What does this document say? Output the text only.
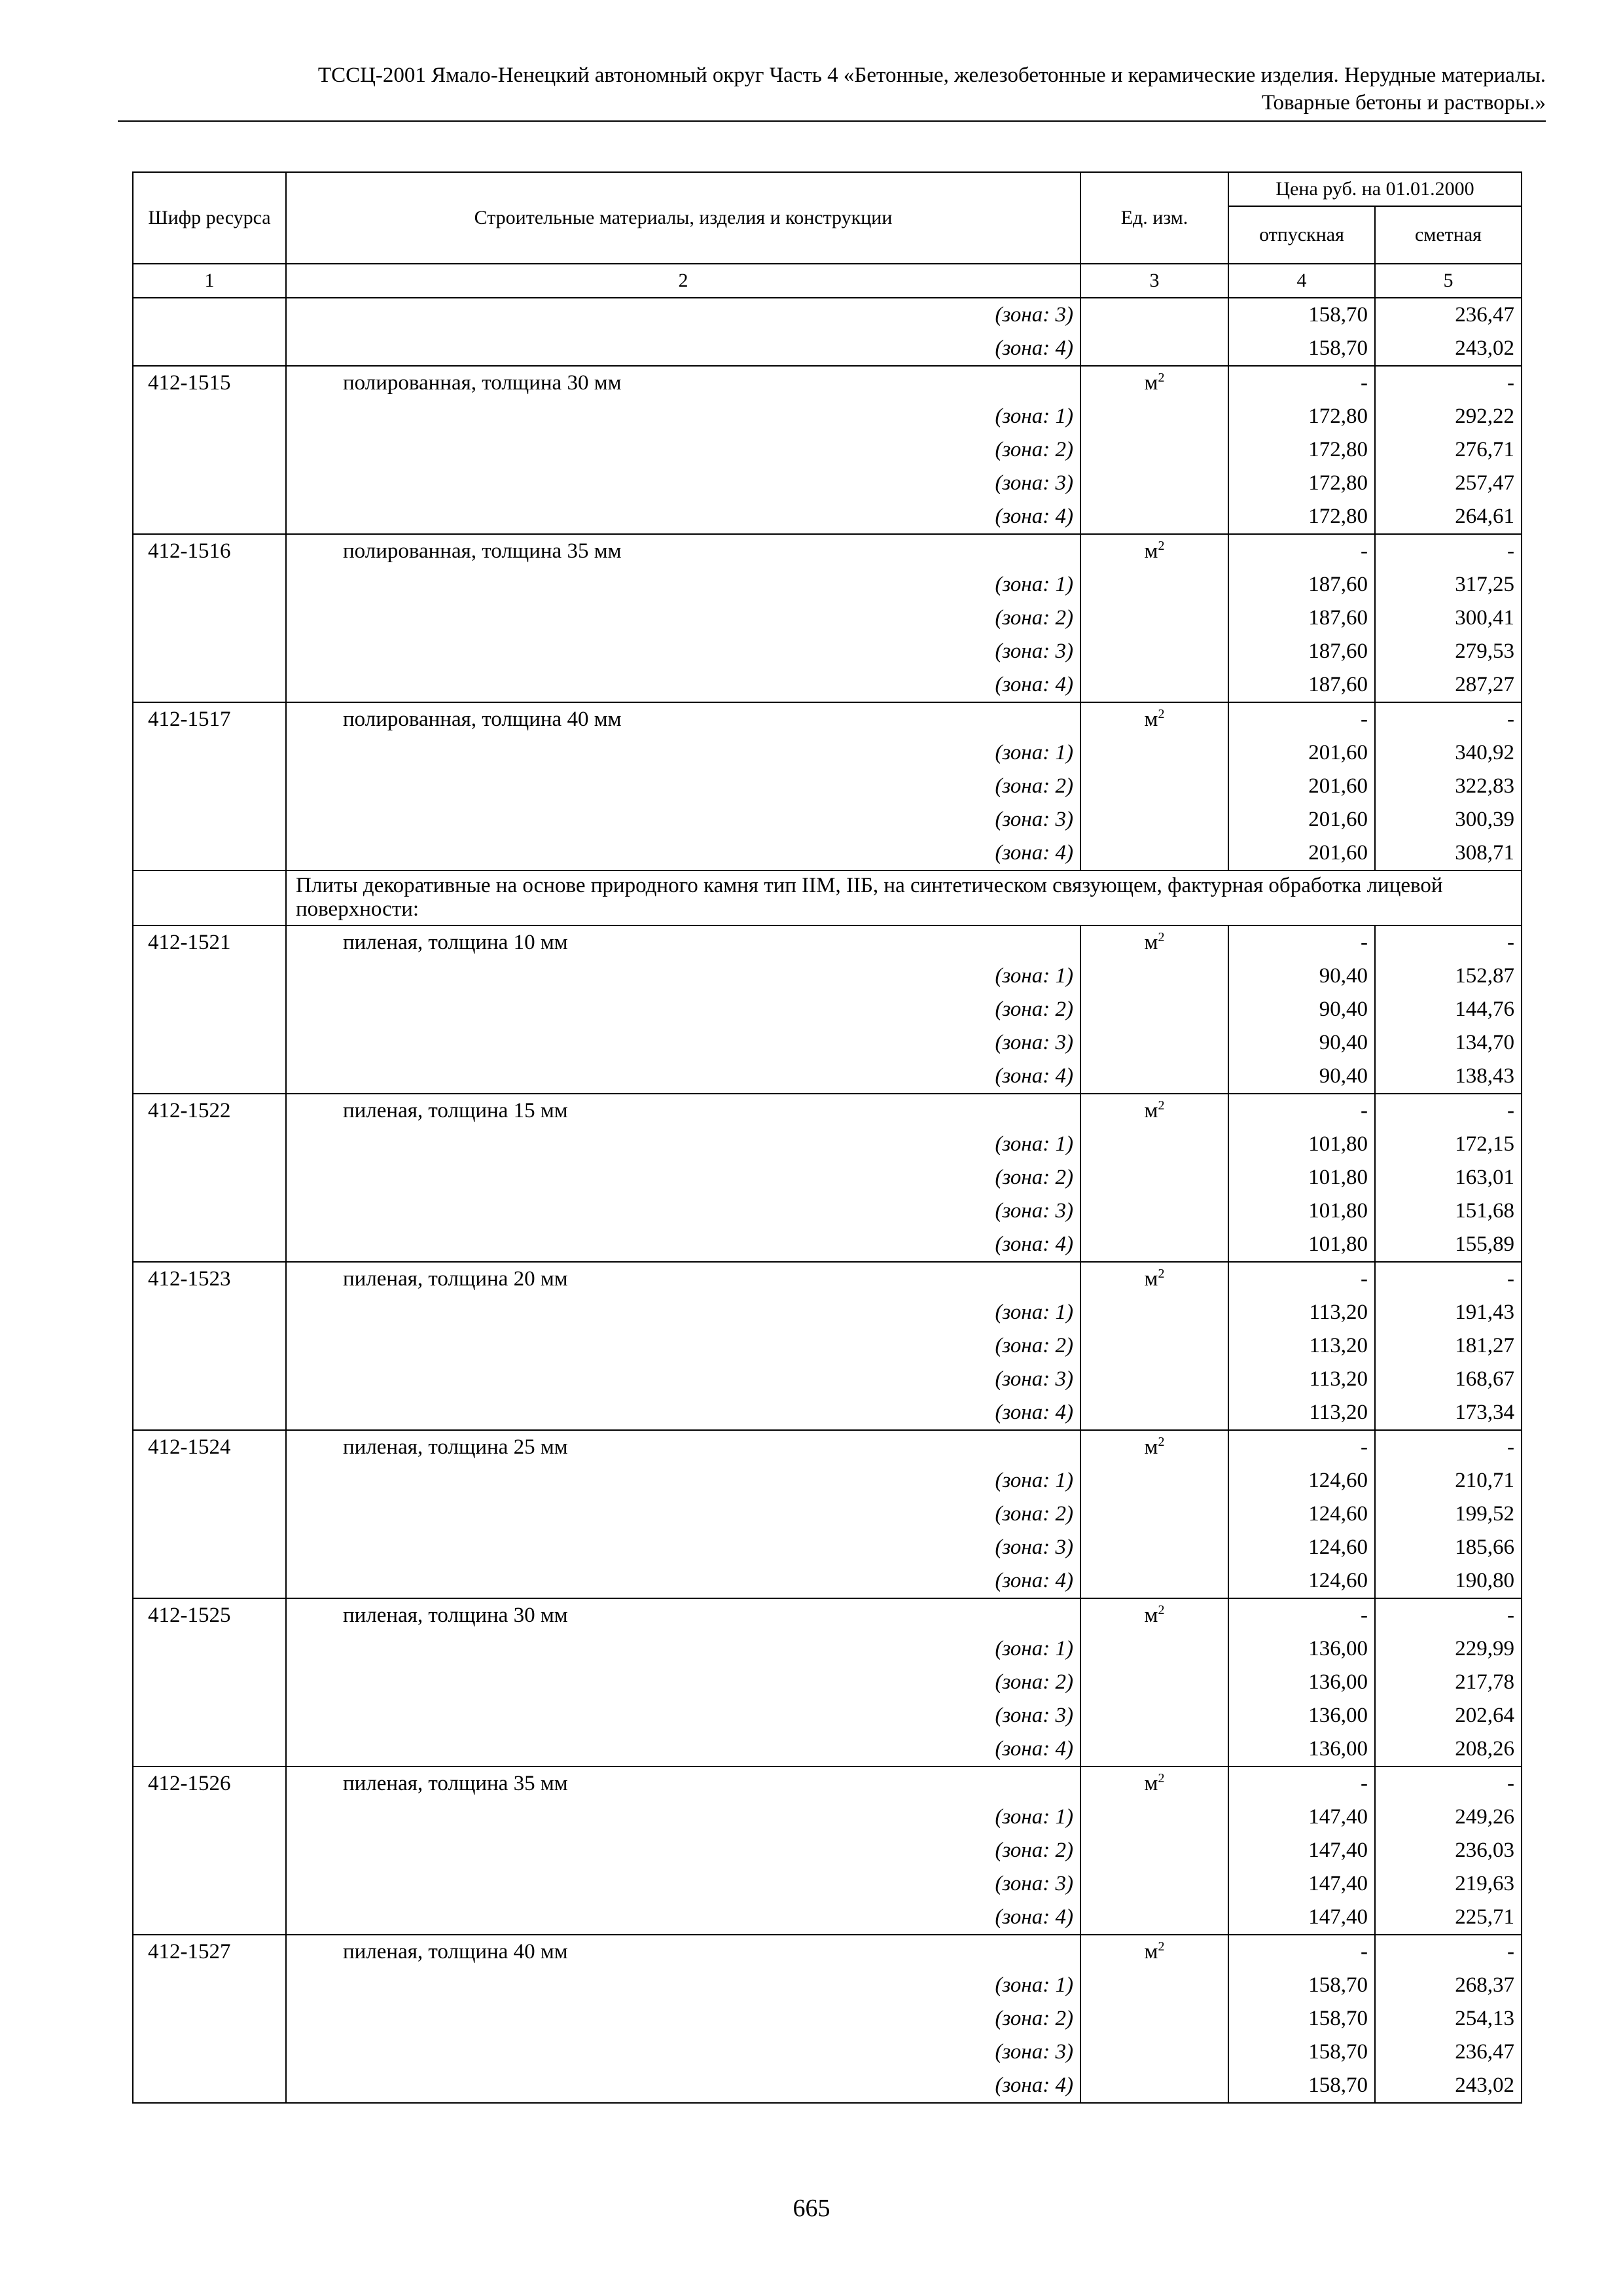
ТССЦ-2001 Ямало-Ненецкий автономный округ Часть 4 «Бетонные, железобетонные и керамические изделия. Нерудные материалы.
Товарные бетоны и растворы.»
Шифр ресурса	Строительные материалы, изделия и конструкции	Ед. изм.	Цена руб. на 01.01.2000	
			отпускная	сметная
1	2	3	4	5
	(зона: 3)		158,70	236,47
	(зона: 4)		158,70	243,02
412-1515	полированная, толщина 30 мм	$м^2$	-	-
	(зона: 1)		172,80	292,22
	(зона: 2)		172,80	276,71
	(зона: 3)		172,80	257,47
	(зона: 4)		172,80	264,61
412-1516	полированная, толщина 35 мм	$м^2$	-	-
	(зона: 1)		187,60	317,25
	(зона: 2)		187,60	300,41
	(зона: 3)		187,60	279,53
	(зона: 4)		187,60	287,27
412-1517	полированная, толщина 40 мм	$м^2$	-	-
	(зона: 1)		201,60	340,92
	(зона: 2)		201,60	322,83
	(зона: 3)		201,60	300,39
	(зона: 4)		201,60	308,71
	Плиты декоративные на основе природного камня тип IIМ, IIБ, на синтетическом связующем, фактурная обработка лицевой поверхности:			
412-1521	пиленая, толщина 10 мм	$м^2$	-	-
	(зона: 1)		90,40	152,87
	(зона: 2)		90,40	144,76
	(зона: 3)		90,40	134,70
	(зона: 4)		90,40	138,43
412-1522	пиленая, толщина 15 мм	$м^2$	-	-
	(зона: 1)		101,80	172,15
	(зона: 2)		101,80	163,01
	(зона: 3)		101,80	151,68
	(зона: 4)		101,80	155,89
412-1523	пиленая, толщина 20 мм	$м^2$	-	-
	(зона: 1)		113,20	191,43
	(зона: 2)		113,20	181,27
	(зона: 3)		113,20	168,67
	(зона: 4)		113,20	173,34
412-1524	пиленая, толщина 25 мм	$м^2$	-	-
	(зона: 1)		124,60	210,71
	(зона: 2)		124,60	199,52
	(зона: 3)		124,60	185,66
	(зона: 4)		124,60	190,80
412-1525	пиленая, толщина 30 мм	$м^2$	-	-
	(зона: 1)		136,00	229,99
	(зона: 2)		136,00	217,78
	(зона: 3)		136,00	202,64
	(зона: 4)		136,00	208,26
412-1526	пиленая, толщина 35 мм	$м^2$	-	-
	(зона: 1)		147,40	249,26
	(зона: 2)		147,40	236,03
	(зона: 3)		147,40	219,63
	(зона: 4)		147,40	225,71
412-1527	пиленая, толщина 40 мм	$м^2$	-	-
	(зона: 1)		158,70	268,37
	(зона: 2)		158,70	254,13
	(зона: 3)		158,70	236,47
	(зона: 4)		158,70	243,02
665
